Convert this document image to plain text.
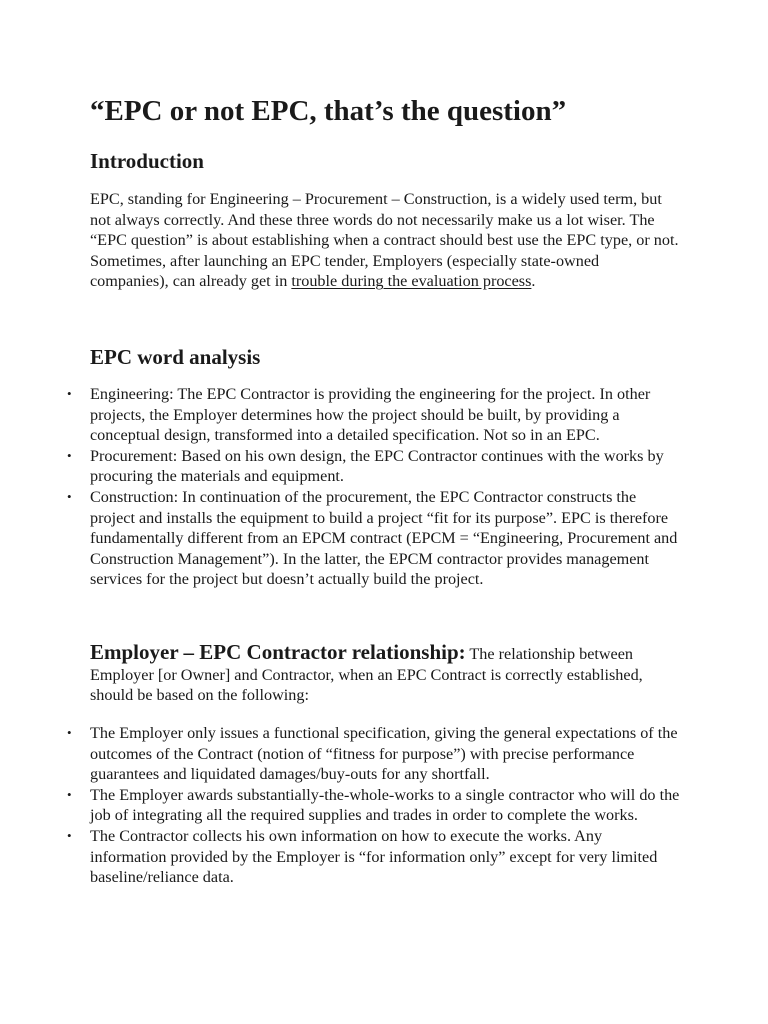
“EPC or not EPC, that’s the question”
Introduction

EPC, standing for Engineering – Procurement – Construction, is a widely used term, but not always correctly. And these three words do not necessarily make us a lot wiser. The “EPC question” is about establishing when a contract should best use the EPC type, or not. Sometimes, after launching an EPC tender, Employers (especially state-owned companies), can already get in trouble during the evaluation process.

EPC word analysis
• Engineering: The EPC Contractor is providing the engineering for the project. In other projects, the Employer determines how the project should be built, by providing a conceptual design, transformed into a detailed specification. Not so in an EPC.
• Procurement: Based on his own design, the EPC Contractor continues with the works by procuring the materials and equipment.
• Construction: In continuation of the procurement, the EPC Contractor constructs the project and installs the equipment to build a project “fit for its purpose”. EPC is therefore fundamentally different from an EPCM contract (EPCM = “Engineering, Procurement and Construction Management”). In the latter, the EPCM contractor provides management services for the project but doesn’t actually build the project.

Employer – EPC Contractor relationship: The relationship between Employer [or Owner] and Contractor, when an EPC Contract is correctly established, should be based on the following:

• The Employer only issues a functional specification, giving the general expectations of the outcomes of the Contract (notion of “fitness for purpose”) with precise performance guarantees and liquidated damages/buy-outs for any shortfall.
• The Employer awards substantially-the-whole-works to a single contractor who will do the job of integrating all the required supplies and trades in order to complete the works.
• The Contractor collects his own information on how to execute the works. Any information provided by the Employer is “for information only” except for very limited baseline/reliance data.
